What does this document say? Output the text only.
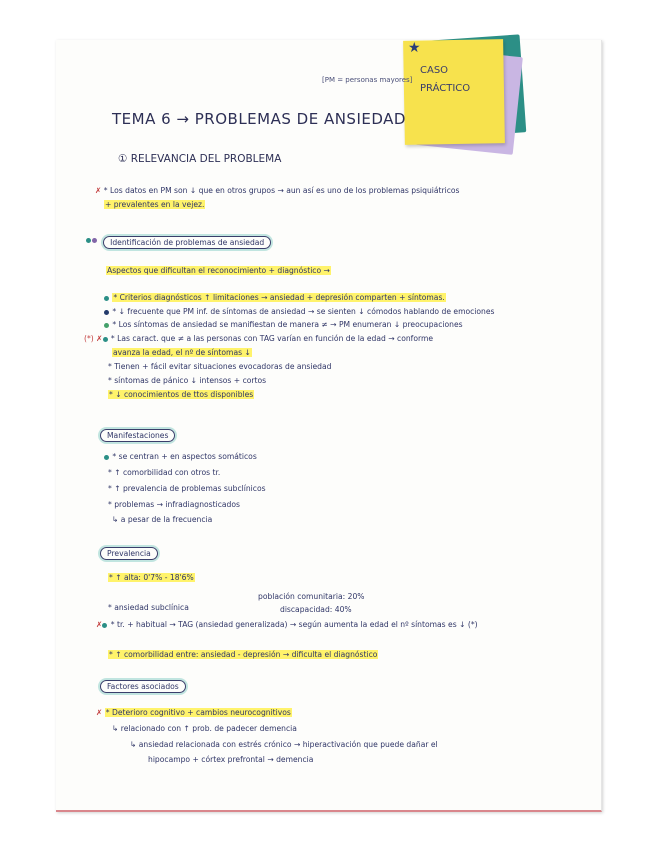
★
CASO
PRÁCTICO
[PM = personas mayores]
TEMA 6 → PROBLEMAS DE ANSIEDAD
① RELEVANCIA DEL PROBLEMA
✗ * Los datos en PM son ↓ que en otros grupos → aun así es uno de los problemas psiquiátricos
+ prevalentes en la vejez.
Identificación de problemas de ansiedad
Aspectos que dificultan el reconocimiento + diagnóstico →
* Criterios diagnósticos ↑ limitaciones → ansiedad + depresión comparten + síntomas.
* ↓ frecuente que PM inf. de síntomas de ansiedad → se sienten ↓ cómodos hablando de emociones
* Los síntomas de ansiedad se manifiestan de manera ≠ → PM enumeran ↓ preocupaciones
(*) ✗ * Las caract. que ≠ a las personas con TAG varían en función de la edad → conforme
avanza la edad, el nº de síntomas ↓
* Tienen + fácil evitar situaciones evocadoras de ansiedad
* síntomas de pánico ↓ intensos + cortos
* ↓ conocimientos de ttos disponibles
Manifestaciones
* se centran + en aspectos somáticos
* ↑ comorbilidad con otros tr.
* ↑ prevalencia de problemas subclínicos
* problemas → infradiagnosticados
↳ a pesar de la frecuencia
Prevalencia
* ↑ alta: 0'7% - 18'6%
población comunitaria: 20%
* ansiedad subclínica	discapacidad: 40%
✗ * tr. + habitual → TAG (ansiedad generalizada) → según aumenta la edad el nº síntomas es ↓ (*)
* ↑ comorbilidad entre: ansiedad - depresión → dificulta el diagnóstico
Factores asociados
✗ * Deterioro cognitivo + cambios neurocognitivos
↳ relacionado con ↑ prob. de padecer demencia
↳ ansiedad relacionada con estrés crónico → hiperactivación que puede dañar el
hipocampo + córtex prefrontal → demencia
